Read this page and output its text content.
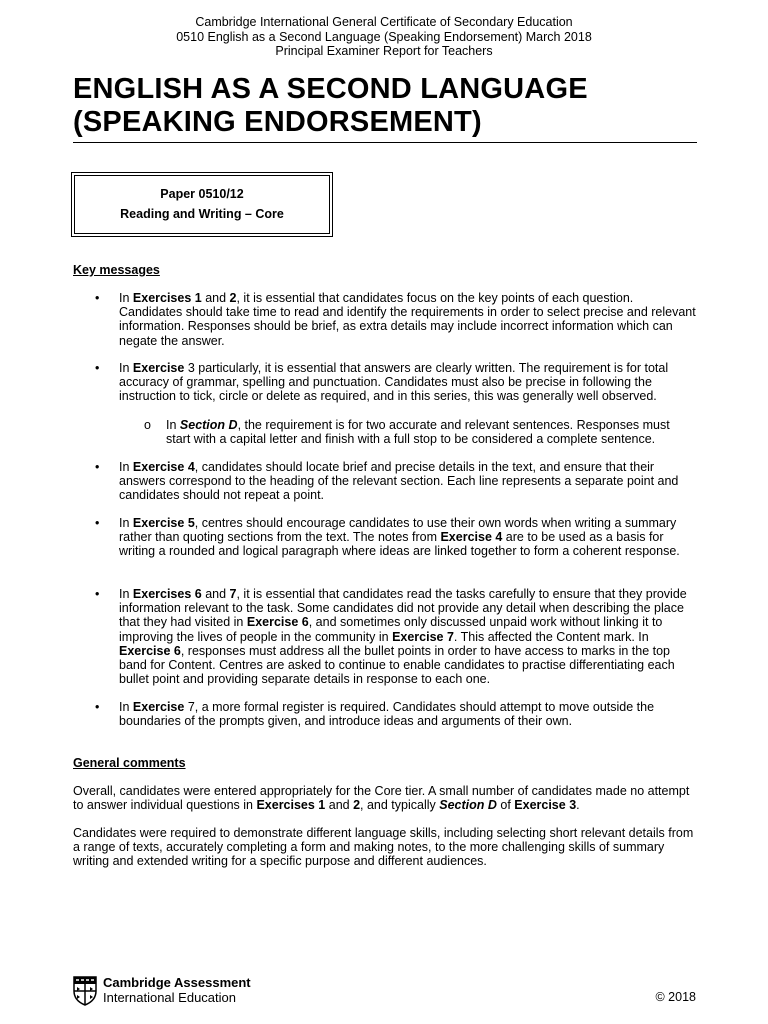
Cambridge International General Certificate of Secondary Education
0510 English as a Second Language (Speaking Endorsement) March 2018
Principal Examiner Report for Teachers
ENGLISH AS A SECOND LANGUAGE
(SPEAKING ENDORSEMENT)
Paper 0510/12
Reading and Writing – Core
Key messages
• In Exercises 1 and 2, it is essential that candidates focus on the key points of each question. Candidates should take time to read and identify the requirements in order to select precise and relevant information. Responses should be brief, as extra details may include incorrect information which can negate the answer.
• In Exercise 3 particularly, it is essential that answers are clearly written. The requirement is for total accuracy of grammar, spelling and punctuation. Candidates must also be precise in following the instruction to tick, circle or delete as required, and in this series, this was generally well observed.
o In Section D, the requirement is for two accurate and relevant sentences. Responses must start with a capital letter and finish with a full stop to be considered a complete sentence.
• In Exercise 4, candidates should locate brief and precise details in the text, and ensure that their answers correspond to the heading of the relevant section. Each line represents a separate point and candidates should not repeat a point.
• In Exercise 5, centres should encourage candidates to use their own words when writing a summary rather than quoting sections from the text. The notes from Exercise 4 are to be used as a basis for writing a rounded and logical paragraph where ideas are linked together to form a coherent response.
• In Exercises 6 and 7, it is essential that candidates read the tasks carefully to ensure that they provide information relevant to the task. Some candidates did not provide any detail when describing the place that they had visited in Exercise 6, and sometimes only discussed unpaid work without linking it to improving the lives of people in the community in Exercise 7. This affected the Content mark. In Exercise 6, responses must address all the bullet points in order to have access to marks in the top band for Content. Centres are asked to continue to enable candidates to practise differentiating each bullet point and providing separate details in response to each one.
• In Exercise 7, a more formal register is required. Candidates should attempt to move outside the boundaries of the prompts given, and introduce ideas and arguments of their own.
General comments
Overall, candidates were entered appropriately for the Core tier. A small number of candidates made no attempt to answer individual questions in Exercises 1 and 2, and typically Section D of Exercise 3.
Candidates were required to demonstrate different language skills, including selecting short relevant details from a range of texts, accurately completing a form and making notes, to the more challenging skills of summary writing and extended writing for a specific purpose and different audiences.
Cambridge Assessment
International Education	© 2018
